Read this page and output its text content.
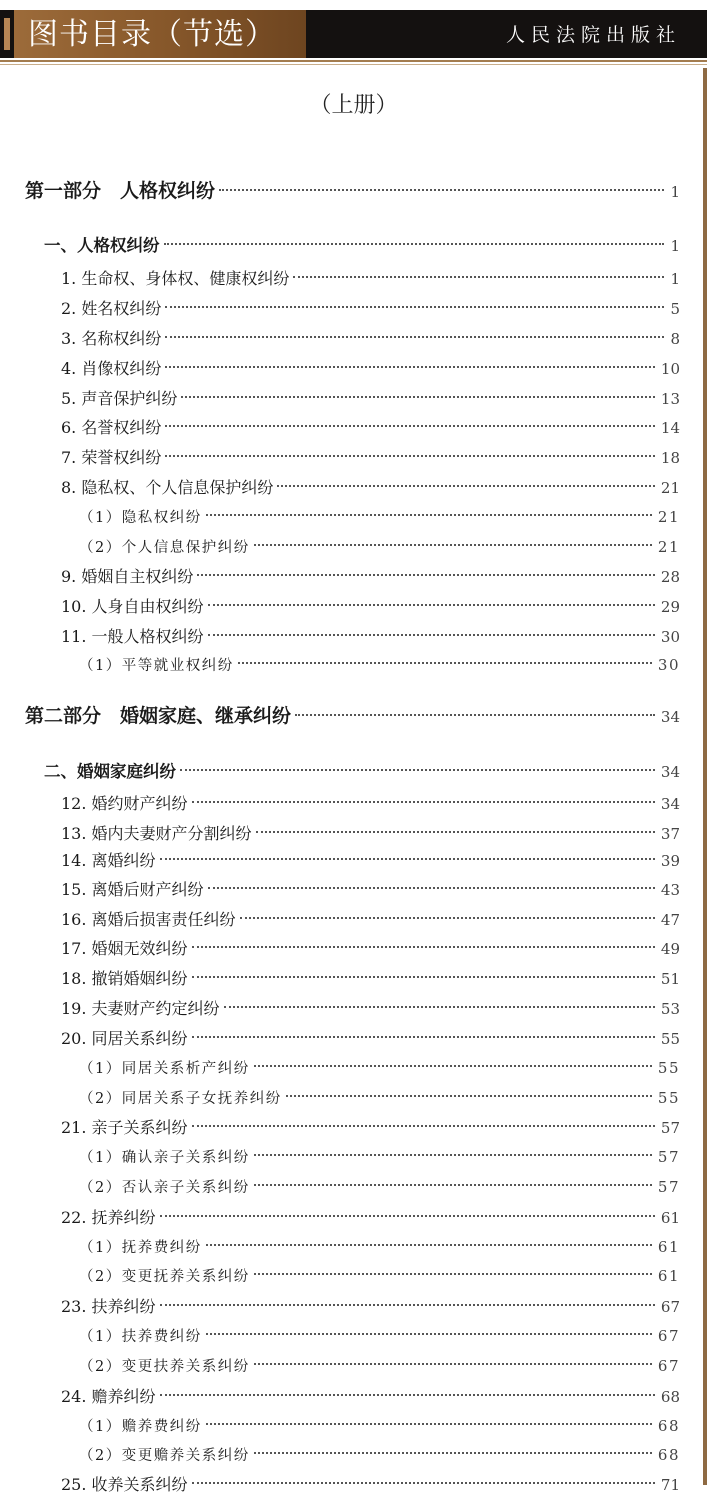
图书目录（节选）	人民法院出版社
（上册）
第一部分　人格权纠纷	1
一、人格权纠纷	1
1. 生命权、身体权、健康权纠纷	1
2. 姓名权纠纷	5
3. 名称权纠纷	8
4. 肖像权纠纷	10
5. 声音保护纠纷	13
6. 名誉权纠纷	14
7. 荣誉权纠纷	18
8. 隐私权、个人信息保护纠纷	21
（1）隐私权纠纷	21
（2）个人信息保护纠纷	21
9. 婚姻自主权纠纷	28
10. 人身自由权纠纷	29
11. 一般人格权纠纷	30
（1）平等就业权纠纷	30
第二部分　婚姻家庭、继承纠纷	34
二、婚姻家庭纠纷	34
12. 婚约财产纠纷	34
13. 婚内夫妻财产分割纠纷	37
14. 离婚纠纷	39
15. 离婚后财产纠纷	43
16. 离婚后损害责任纠纷	47
17. 婚姻无效纠纷	49
18. 撤销婚姻纠纷	51
19. 夫妻财产约定纠纷	53
20. 同居关系纠纷	55
（1）同居关系析产纠纷	55
（2）同居关系子女抚养纠纷	55
21. 亲子关系纠纷	57
（1）确认亲子关系纠纷	57
（2）否认亲子关系纠纷	57
22. 抚养纠纷	61
（1）抚养费纠纷	61
（2）变更抚养关系纠纷	61
23. 扶养纠纷	67
（1）扶养费纠纷	67
（2）变更扶养关系纠纷	67
24. 赡养纠纷	68
（1）赡养费纠纷	68
（2）变更赡养关系纠纷	68
25. 收养关系纠纷	71
